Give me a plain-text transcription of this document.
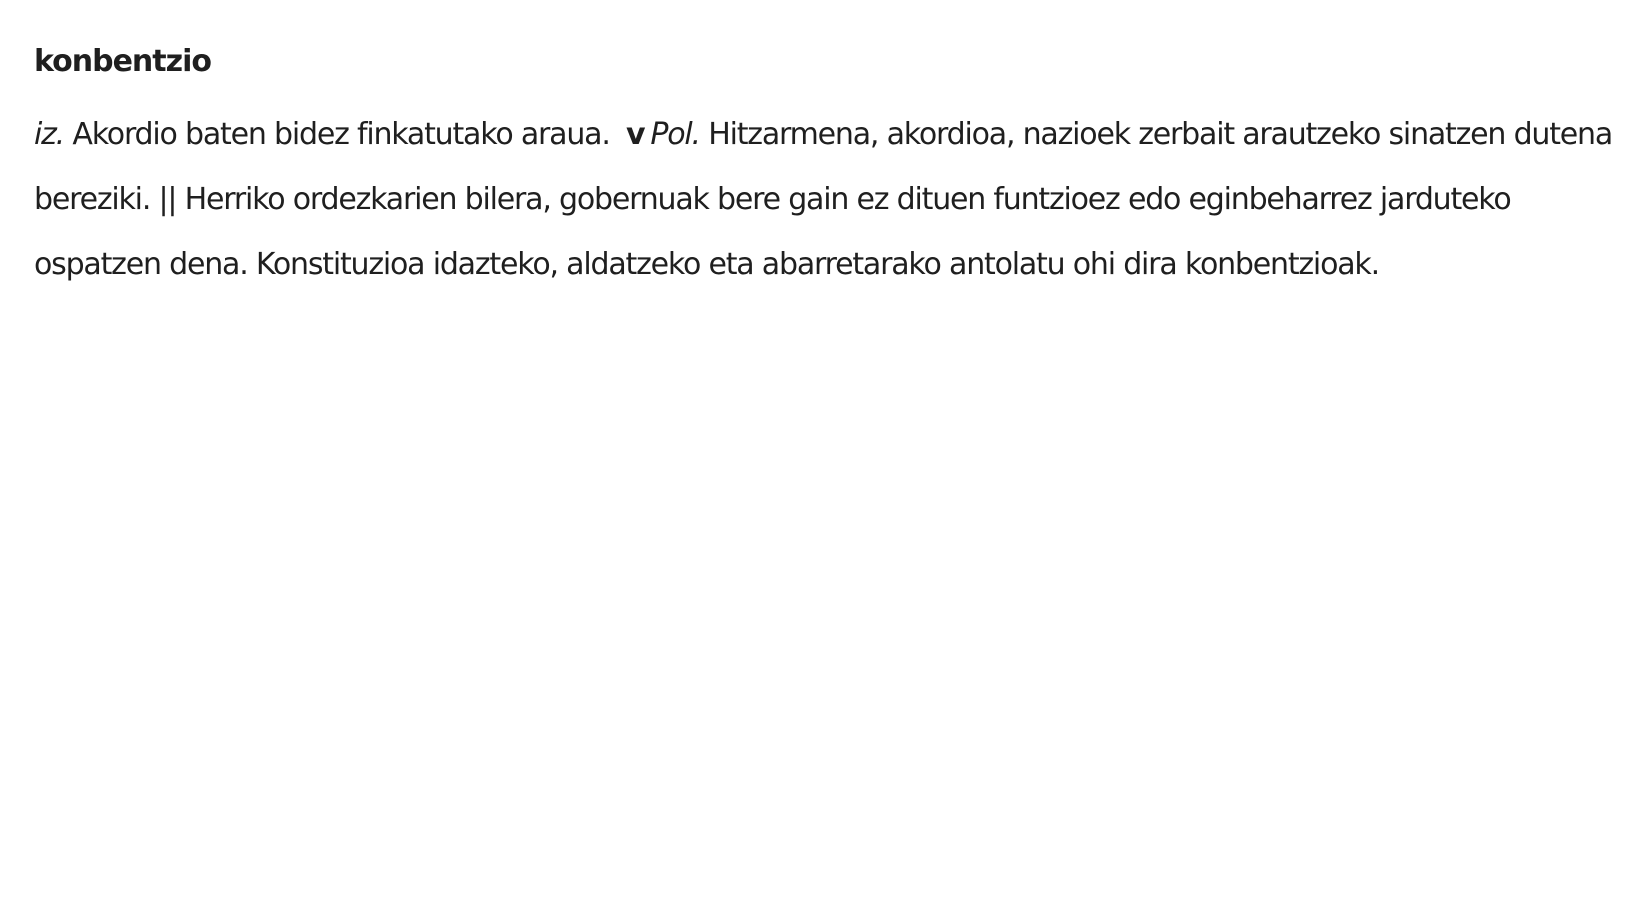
konbentzio

iz. Akordio baten bidez finkatutako araua. v Pol. Hitzarmena, akordioa, nazioek zerbait arautzeko sinatzen dutena bereziki. || Herriko ordezkarien bilera, gobernuak bere gain ez dituen funtzioez edo eginbeharrez jarduteko ospatzen dena. Konstituzioa idazteko, aldatzeko eta abarretarako antolatu ohi dira konbentzioak.
